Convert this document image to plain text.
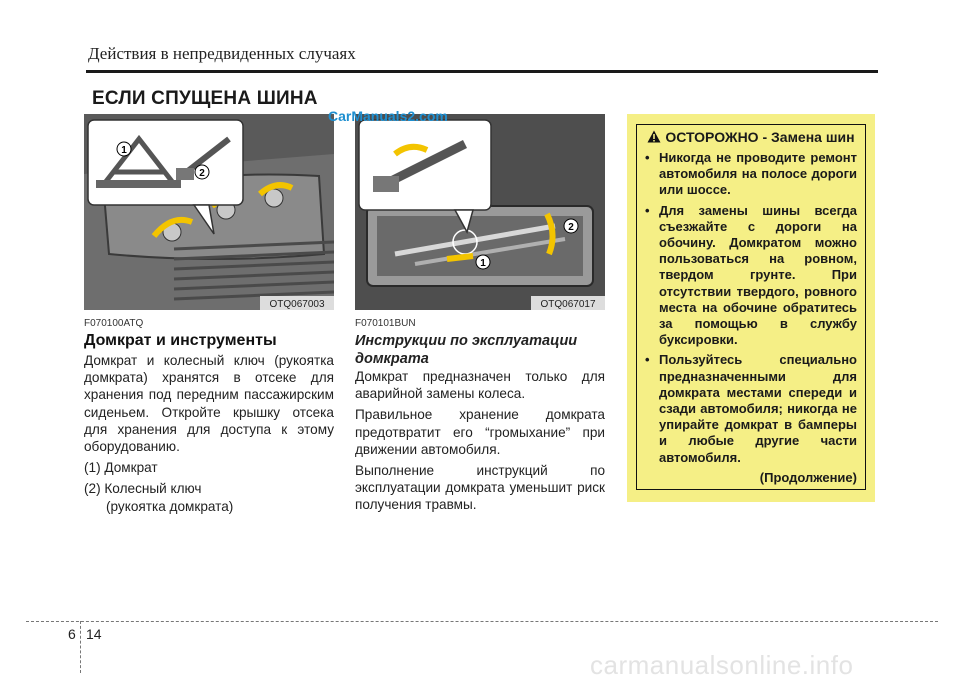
Действия в непредвиденных случаях
ЕСЛИ СПУЩЕНА ШИНА
1
2
OTQ067003
1
2
OTQ067017
CarManuals2.com
F070100ATQ
Домкрат и инструменты

Домкрат и колесный ключ (рукоятка домкрата) хранятся в отсеке для хранения под передним пассажирским сиденьем. Откройте крышку отсека для хранения для доступа к этому оборудованию.

(1) Домкрат

(2) Колесный ключ

(рукоятка домкрата)

F070101BUN
Инструкции по эксплуатации домкрата

Домкрат предназначен только для аварийной замены колеса.

Правильное хранение домкрата предотвратит его “громыхание” при движении автомобиля.

Выполнение инструкций по эксплуатации домкрата уменьшит риск получения травмы.

ОСТОРОЖНО - Замена шин
• Никогда не проводите ремонт автомобиля на полосе дороги или шоссе.
• Для замены шины всегда съезжайте с дороги на обочину. Домкратом можно пользоваться на ровном, твердом грунте. При отсутствии твердого, ровного места на обочине обратитесь за помощью в службу буксировки.
• Пользуйтесь специально предназначенными для домкрата местами спереди и сзади автомобиля; никогда не упирайте домкрат в бамперы и любые другие части автомобиля.
(Продолжение)
6 14
carmanualsonline.info
